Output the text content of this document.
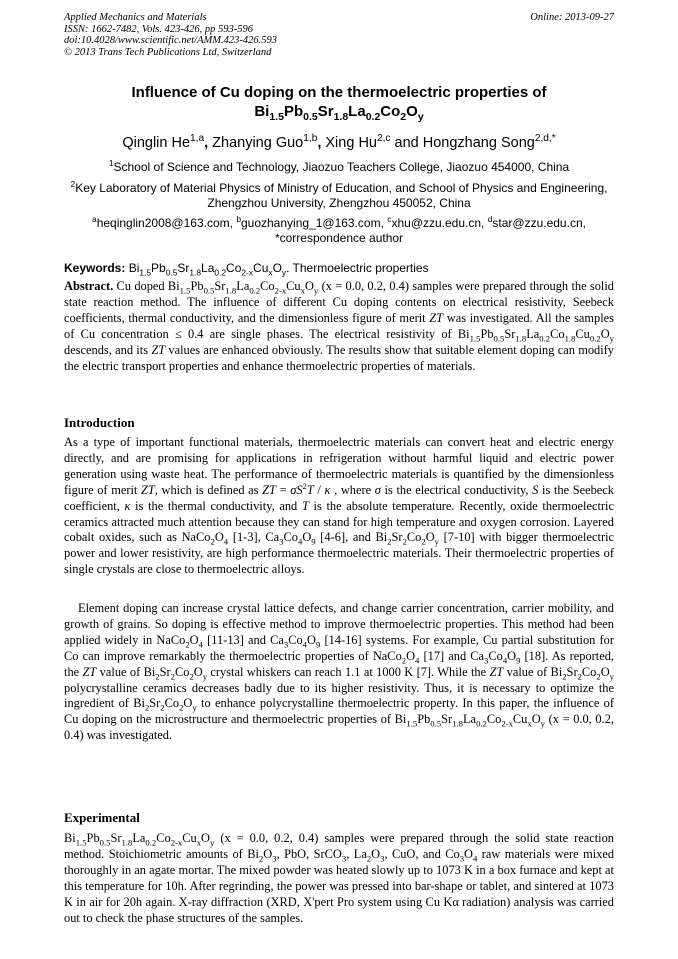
Applied Mechanics and Materials
ISSN: 1662-7482, Vols. 423-426, pp 593-596
doi:10.4028/www.scientific.net/AMM.423-426.593
© 2013 Trans Tech Publications Ltd, Switzerland
Online: 2013-09-27
Influence of Cu doping on the thermoelectric properties of
$Bi_{1.5}Pb_{0.5}Sr_{1.8}La_{0.2}Co_2O_y$
Qinglin He$^{1,a}$, Zhanying Guo$^{1,b}$, Xing Hu$^{2,c}$ and Hongzhang Song$^{2,d,*}$
$^1$School of Science and Technology, Jiaozuo Teachers College, Jiaozuo 454000, China
$^2$Key Laboratory of Material Physics of Ministry of Education, and School of Physics and Engineering, Zhengzhou University, Zhengzhou 450052, China
$^a$heqinglin2008@163.com, $^b$guozhanying_1@163.com, $^c$xhu@zzu.edu.cn, $^d$star@zzu.edu.cn,
*correspondence author
Keywords: $Bi_{1.5}Pb_{0.5}Sr_{1.8}La_{0.2}Co_{2-x}Cu_xO_y$. Thermoelectric properties
Abstract. Cu doped $Bi_{1.5}Pb_{0.5}Sr_{1.8}La_{0.2}Co_{2-x}Cu_xO_y$ (x = 0.0, 0.2, 0.4) samples were prepared through the solid state reaction method. The influence of different Cu doping contents on electrical resistivity, Seebeck coefficients, thermal conductivity, and the dimensionless figure of merit ZT was investigated. All the samples of Cu concentration ≤ 0.4 are single phases. The electrical resistivity of $Bi_{1.5}Pb_{0.5}Sr_{1.8}La_{0.2}Co_{1.8}Cu_{0.2}O_y$ descends, and its ZT values are enhanced obviously. The results show that suitable element doping can modify the electric transport properties and enhance thermoelectric properties of materials.
Introduction
As a type of important functional materials, thermoelectric materials can convert heat and electric energy directly, and are promising for applications in refrigeration without harmful liquid and electric power generation using waste heat. The performance of thermoelectric materials is quantified by the dimensionless figure of merit ZT, which is defined as ZT = $\sigma S^2T$ / κ , where σ is the electrical conductivity, S is the Seebeck coefficient, κ is the thermal conductivity, and T is the absolute temperature. Recently, oxide thermoelectric ceramics attracted much attention because they can stand for high temperature and oxygen corrosion. Layered cobalt oxides, such as $NaCo_2O_4$ [1-3], $Ca_3Co_4O_9$ [4-6], and $Bi_2Sr_2Co_2O_y$ [7-10] with bigger thermoelectric power and lower resistivity, are high performance thermoelectric materials. Their thermoelectric properties of single crystals are close to thermoelectric alloys.
Element doping can increase crystal lattice defects, and change carrier concentration, carrier mobility, and growth of grains. So doping is effective method to improve thermoelectric properties. This method had been applied widely in $NaCo_2O_4$ [11-13] and $Ca_3Co_4O_9$ [14-16] systems. For example, Cu partial substitution for Co can improve remarkably the thermoelectric properties of $NaCo_2O_4$ [17] and $Ca_3Co_4O_9$ [18]. As reported, the ZT value of $Bi_2Sr_2Co_2O_y$ crystal whiskers can reach 1.1 at 1000 K [7]. While the ZT value of $Bi_2Sr_2Co_2O_y$ polycrystalline ceramics decreases badly due to its higher resistivity. Thus, it is necessary to optimize the ingredient of $Bi_2Sr_2Co_2O_y$ to enhance polycrystalline thermoelectric property. In this paper, the influence of Cu doping on the microstructure and thermoelectric properties of $Bi_{1.5}Pb_{0.5}Sr_{1.8}La_{0.2}Co_{2-x}Cu_xO_y$ (x = 0.0, 0.2, 0.4) was investigated.
Experimental
$Bi_{1.5}Pb_{0.5}Sr_{1.8}La_{0.2}Co_{2-x}Cu_xO_y$ (x = 0.0, 0.2, 0.4) samples were prepared through the solid state reaction method. Stoichiometric amounts of $Bi_2O_3$, PbO, SrCO$_3$, $La_2O_3$, CuO, and $Co_3O_4$ raw materials were mixed thoroughly in an agate mortar. The mixed powder was heated slowly up to 1073 K in a box furnace and kept at this temperature for 10h. After regrinding, the power was pressed into bar-shape or tablet, and sintered at 1073 K in air for 20h again. X-ray diffraction (XRD, X'pert Pro system using Cu Kα radiation) analysis was carried out to check the phase structures of the samples.
